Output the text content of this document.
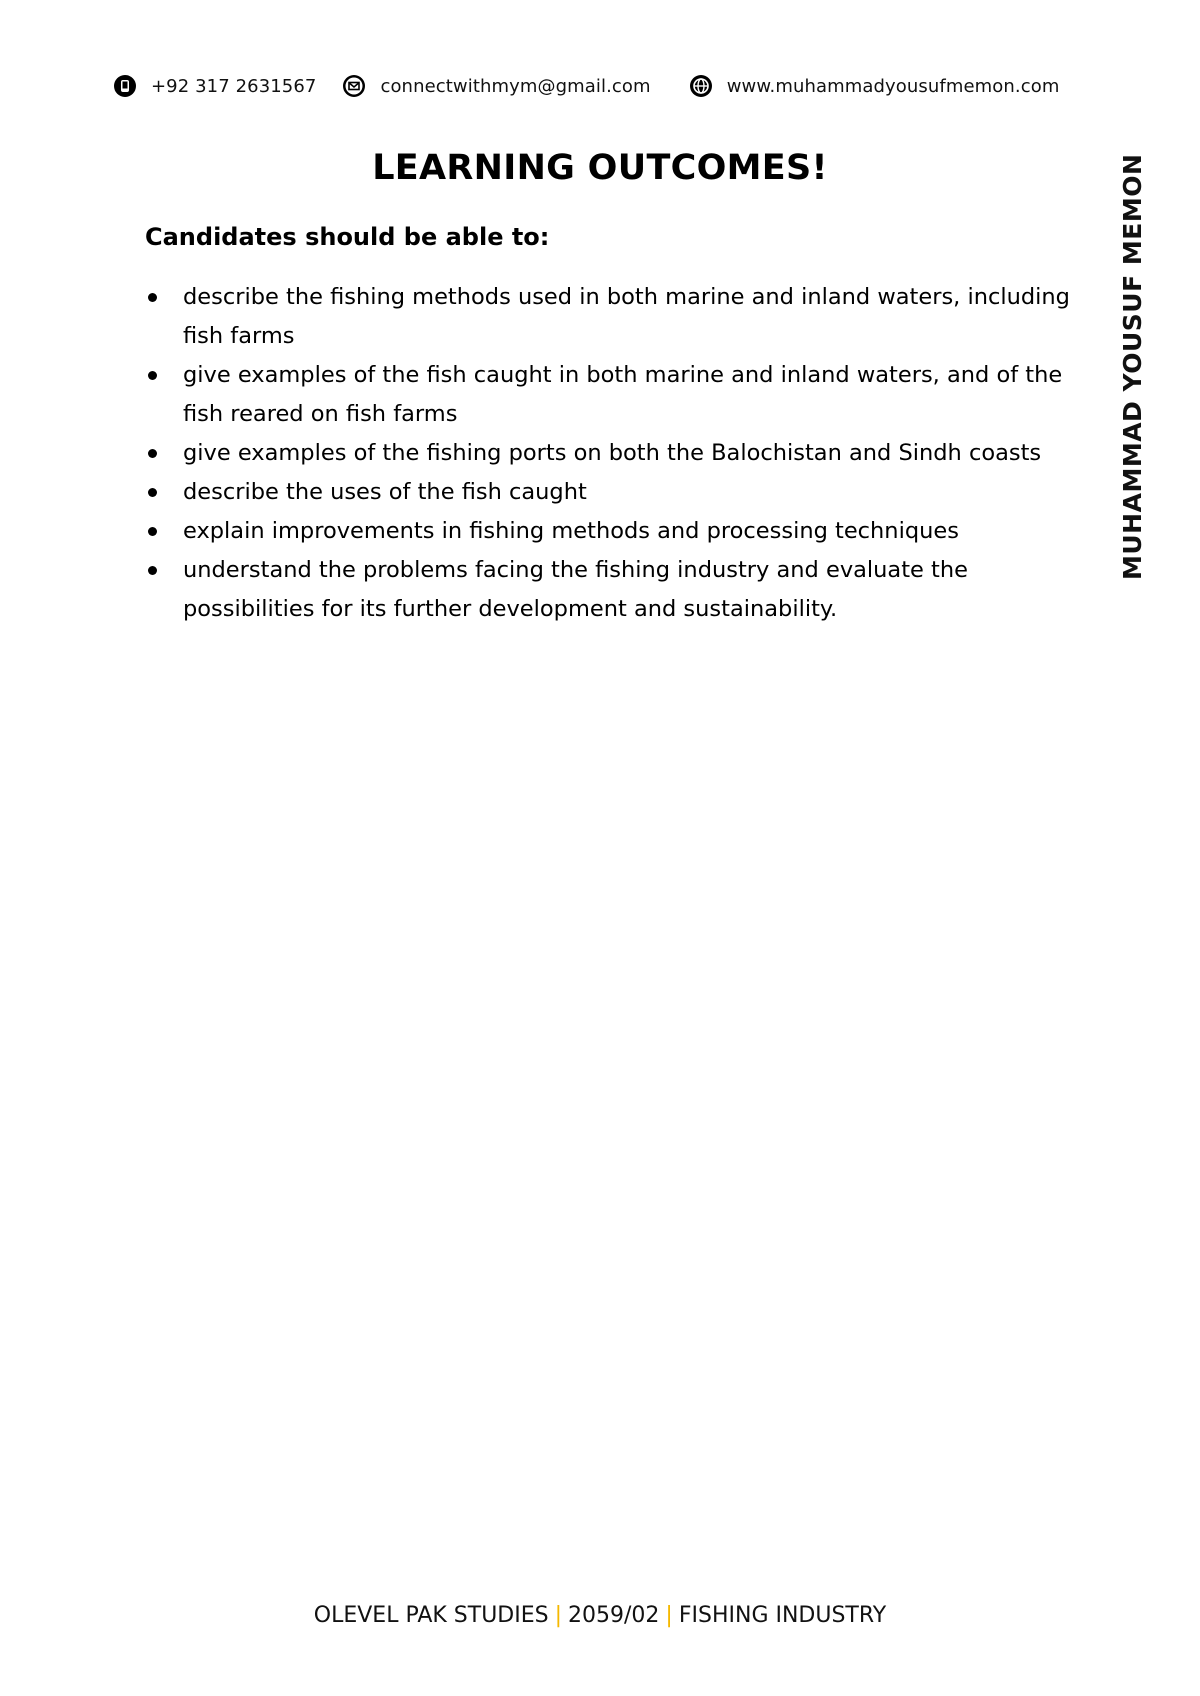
+92 317 2631567	connectwithmym@gmail.com	www.muhammadyousufmemon.com
MUHAMMAD YOUSUF MEMON
LEARNING OUTCOMES!

Candidates should be able to:

describe the fishing methods used in both marine and inland waters, including fish farms
give examples of the fish caught in both marine and inland waters, and of the fish reared on fish farms
give examples of the fishing ports on both the Balochistan and Sindh coasts
describe the uses of the fish caught
explain improvements in fishing methods and processing techniques
understand the problems facing the fishing industry and evaluate the possibilities for its further development and sustainability.
OLEVEL PAK STUDIES | 2059/02 | FISHING INDUSTRY
